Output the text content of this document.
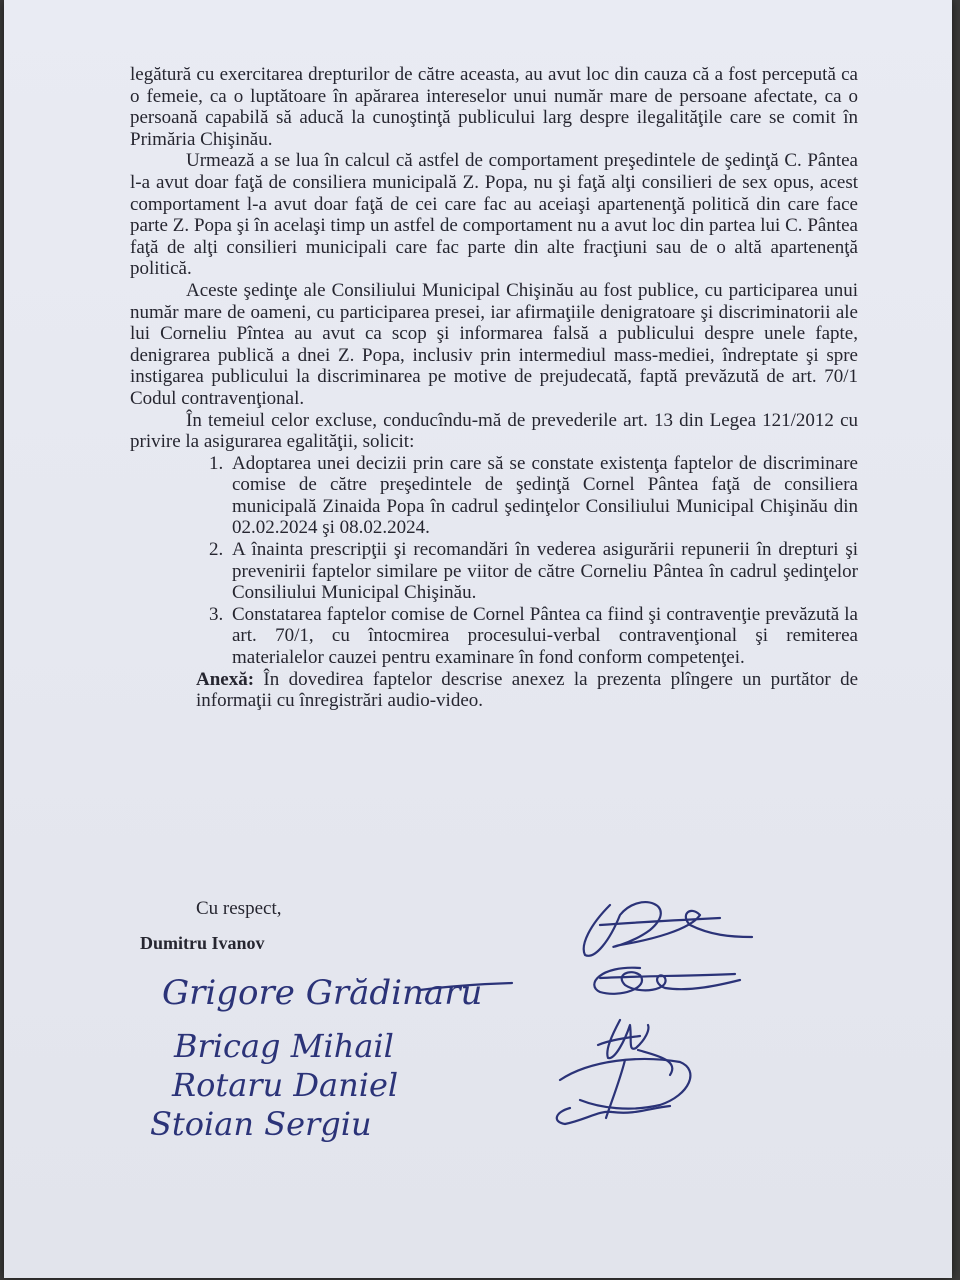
legătură cu exercitarea drepturilor de către aceasta, au avut loc din cauza că a fost percepută ca o femeie, ca o luptătoare în apărarea intereselor unui număr mare de persoane afectate, ca o persoană capabilă să aducă la cunoştinţă publicului larg despre ilegalităţile care se comit în Primăria Chişinău.

Urmează a se lua în calcul că astfel de comportament preşedintele de şedinţă C. Pântea l-a avut doar faţă de consiliera municipală Z. Popa, nu şi faţă alţi consilieri de sex opus, acest comportament l-a avut doar faţă de cei care fac au aceiaşi apartenenţă politică din care face parte Z. Popa şi în acelaşi timp un astfel de comportament nu a avut loc din partea lui C. Pântea faţă de alţi consilieri municipali care fac parte din alte fracţiuni sau de o altă apartenenţă politică.

Aceste şedinţe ale Consiliului Municipal Chişinău au fost publice, cu participarea unui număr mare de oameni, cu participarea presei, iar afirmaţiile denigratoare şi discriminatorii ale lui Corneliu Pîntea au avut ca scop şi informarea falsă a publicului despre unele fapte, denigrarea publică a dnei Z. Popa, inclusiv prin intermediul mass-mediei, îndreptate şi spre instigarea publicului la discriminarea pe motive de prejudecată, faptă prevăzută de art. 70/1 Codul contravenţional.

În temeiul celor excluse, conducîndu-mă de prevederile art. 13 din Legea 121/2012 cu privire la asigurarea egalităţii, solicit:

1. Adoptarea unei decizii prin care să se constate existenţa faptelor de discriminare comise de către preşedintele de şedinţă Cornel Pântea faţă de consiliera municipală Zinaida Popa în cadrul şedinţelor Consiliului Municipal Chişinău din 02.02.2024 şi 08.02.2024.
2. A înainta prescripţii şi recomandări în vederea asigurării repunerii în drepturi şi prevenirii faptelor similare pe viitor de către Corneliu Pântea în cadrul şedinţelor Consiliului Municipal Chişinău.
3. Constatarea faptelor comise de Cornel Pântea ca fiind şi contravenţie prevăzută la art. 70/1, cu întocmirea procesului-verbal contravenţional şi remiterea materialelor cauzei pentru examinare în fond conform competenţei.

Anexă: În dovedirea faptelor descrise anexez la prezenta plîngere un purtător de informaţii cu înregistrări audio-video.

Cu respect,
Dumitru Ivanov
Grigore Grădinaru
Bricag Mihail
Rotaru Daniel
Stoian Sergiu
